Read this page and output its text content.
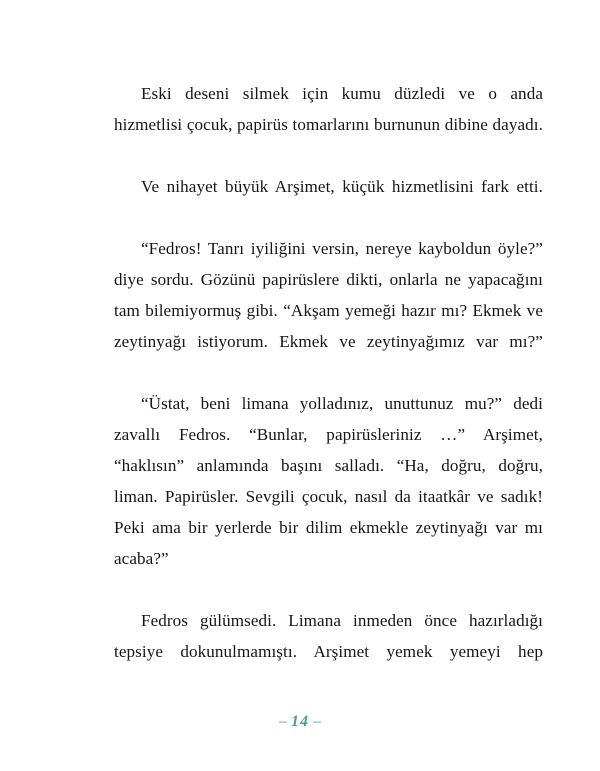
Eski deseni silmek için kumu düzledi ve o anda hizmetlisi çocuk, papirüs tomarlarını burnunun dibine dayadı.

Ve nihayet büyük Arşimet, küçük hizmetlisini fark etti.

“Fedros! Tanrı iyiliğini versin, nereye kayboldun öyle?” diye sordu. Gözünü papirüslere dikti, onlarla ne yapacağını tam bilemiyormuş gibi. “Akşam yemeği hazır mı? Ekmek ve zeytinyağı istiyorum. Ekmek ve zeytinyağımız var mı?”

“Üstat, beni limana yolladınız, unuttunuz mu?” dedi zavallı Fedros. “Bunlar, papirüsleriniz …” Arşimet, “haklısın” anlamında başını salladı. “Ha, doğru, doğru, liman. Papirüsler. Sevgili çocuk, nasıl da itaatkâr ve sadık! Peki ama bir yerlerde bir dilim ekmekle zeytinyağı var mı acaba?”

Fedros gülümsedi. Limana inmeden önce hazırladığı tepsiye dokunulmamıştı. Arşimet yemek yemeyi hep

– 14 –
